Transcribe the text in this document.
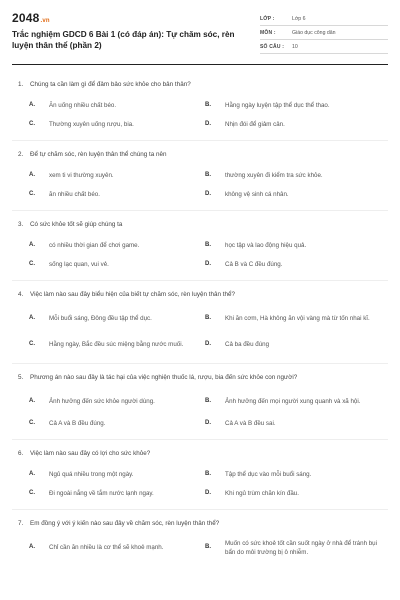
2048.vn
Trắc nghiệm GDCD 6 Bài 1 (có đáp án): Tự chăm sóc, rèn luyện thân thể (phần 2)
LỚP :	Lớp 6
MÔN :	Giáo dục công dân
SỐ CÂU :	10
1.	Chúng ta cần làm gì để đảm bảo sức khỏe cho bản thân?
A.	Ăn uống nhiều chất béo.	B.	Hằng ngày luyện tập thể dục thể thao.
C.	Thường xuyên uống rượu, bia.	D.	Nhịn đói để giảm cân.
2.	Để tự chăm sóc, rèn luyện thân thể chúng ta nên
A.	xem ti vi thường xuyên.	B.	thường xuyên đi kiểm tra sức khỏe.
C.	ăn nhiều chất béo.	D.	không vệ sinh cá nhân.
3.	Có sức khỏe tốt sẽ giúp chúng ta
A.	có nhiều thời gian để chơi game.	B.	học tập và lao động hiệu quả.
C.	sống lạc quan, vui vẻ.	D.	Cả B và C đều đúng.
4.	Việc làm nào sau đây biểu hiện của biết tự chăm sóc, rèn luyện thân thể?
A.	Mỗi buổi sáng, Đông đều tập thể dục.	B.	Khi ăn cơm, Hà không ăn vội vàng mà từ tốn nhai kĩ.
C.	Hằng ngày, Bắc đều súc miệng bằng nước muối.	D.	Cả ba đều đúng
5.	Phương án nào sau đây là tác hại của việc nghiện thuốc lá, rượu, bia đến sức khỏe con người?
A.	Ảnh hưởng đến sức khỏe người dùng.	B.	Ảnh hưởng đến mọi người xung quanh và xã hội.
C.	Cả A và B đều đúng.	D.	Cả A và B đều sai.
6.	Việc làm nào sau đây có lợi cho sức khỏe?
A.	Ngủ quá nhiều trong một ngày.	B.	Tập thể dục vào mỗi buổi sáng.
C.	Đi ngoài nắng về tắm nước lạnh ngay.	D.	Khi ngủ trùm chăn kín đầu.
7.	Em đồng ý với ý kiến nào sau đây về chăm sóc, rèn luyện thân thể?
A.	Chỉ cần ăn nhiều là cơ thể sẽ khoẻ mạnh.	B.
Muốn có sức khoẻ tốt cần suốt ngày ở nhà để tránh bụi bẩn do môi trường bị ô nhiễm.
